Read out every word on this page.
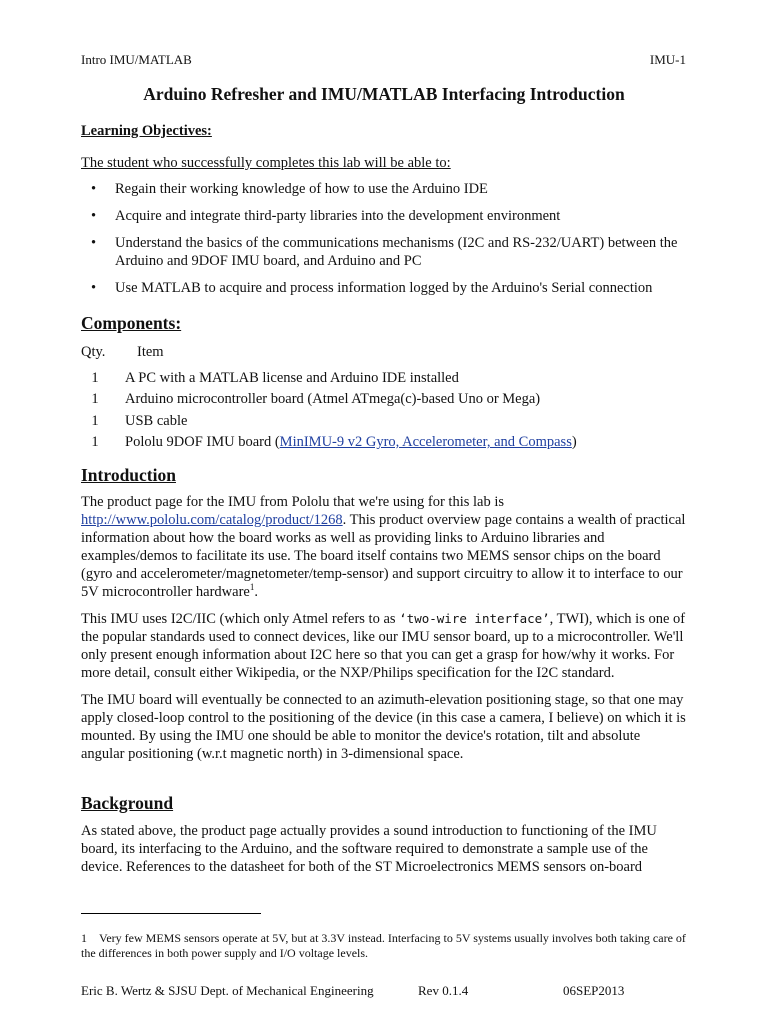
Intro IMU/MATLAB	IMU-1
Arduino Refresher and IMU/MATLAB Interfacing Introduction
Learning Objectives:
The student who successfully completes this lab will be able to:
• Regain their working knowledge of how to use the Arduino IDE
• Acquire and integrate third-party libraries into the development environment
• Understand the basics of the communications mechanisms (I2C and RS-232/UART) between the Arduino and 9DOF IMU board, and Arduino and PC
• Use MATLAB to acquire and process information logged by the Arduino's Serial connection
Components:
Qty.	Item
1	A PC with a MATLAB license and Arduino IDE installed
1	Arduino microcontroller board (Atmel ATmega(c)-based Uno or Mega)
1	USB cable
1	Pololu 9DOF IMU board (MinIMU-9 v2 Gyro, Accelerometer, and Compass)
Introduction

The product page for the IMU from Pololu that we're using for this lab is http://www.pololu.com/catalog/product/1268. This product overview page contains a wealth of practical information about how the board works as well as providing links to Arduino libraries and examples/demos to facilitate its use. The board itself contains two MEMS sensor chips on the board (gyro and accelerometer/magnetometer/temp-sensor) and support circuitry to allow it to interface to our 5V microcontroller hardware$^1$.

This IMU uses I2C/IIC (which only Atmel refers to as ‘two-wire interface’, TWI), which is one of the popular standards used to connect devices, like our IMU sensor board, up to a microcontroller. We'll only present enough information about I2C here so that you can get a grasp for how/why it works. For more detail, consult either Wikipedia, or the NXP/Philips specification for the I2C standard.

The IMU board will eventually be connected to an azimuth-elevation positioning stage, so that one may apply closed-loop control to the positioning of the device (in this case a camera, I believe) on which it is mounted. By using the IMU one should be able to monitor the device's rotation, tilt and absolute angular positioning (w.r.t magnetic north) in 3-dimensional space.

Background

As stated above, the product page actually provides a sound introduction to functioning of the IMU board, its interfacing to the Arduino, and the software required to demonstrate a sample use of the device. References to the datasheet for both of the ST Microelectronics MEMS sensors on-board

1 Very few MEMS sensors operate at 5V, but at 3.3V instead. Interfacing to 5V systems usually involves both taking care of the differences in both power supply and I/O voltage levels.
Eric B. Wertz & SJSU Dept. of Mechanical Engineering	Rev 0.1.4	06SEP2013
